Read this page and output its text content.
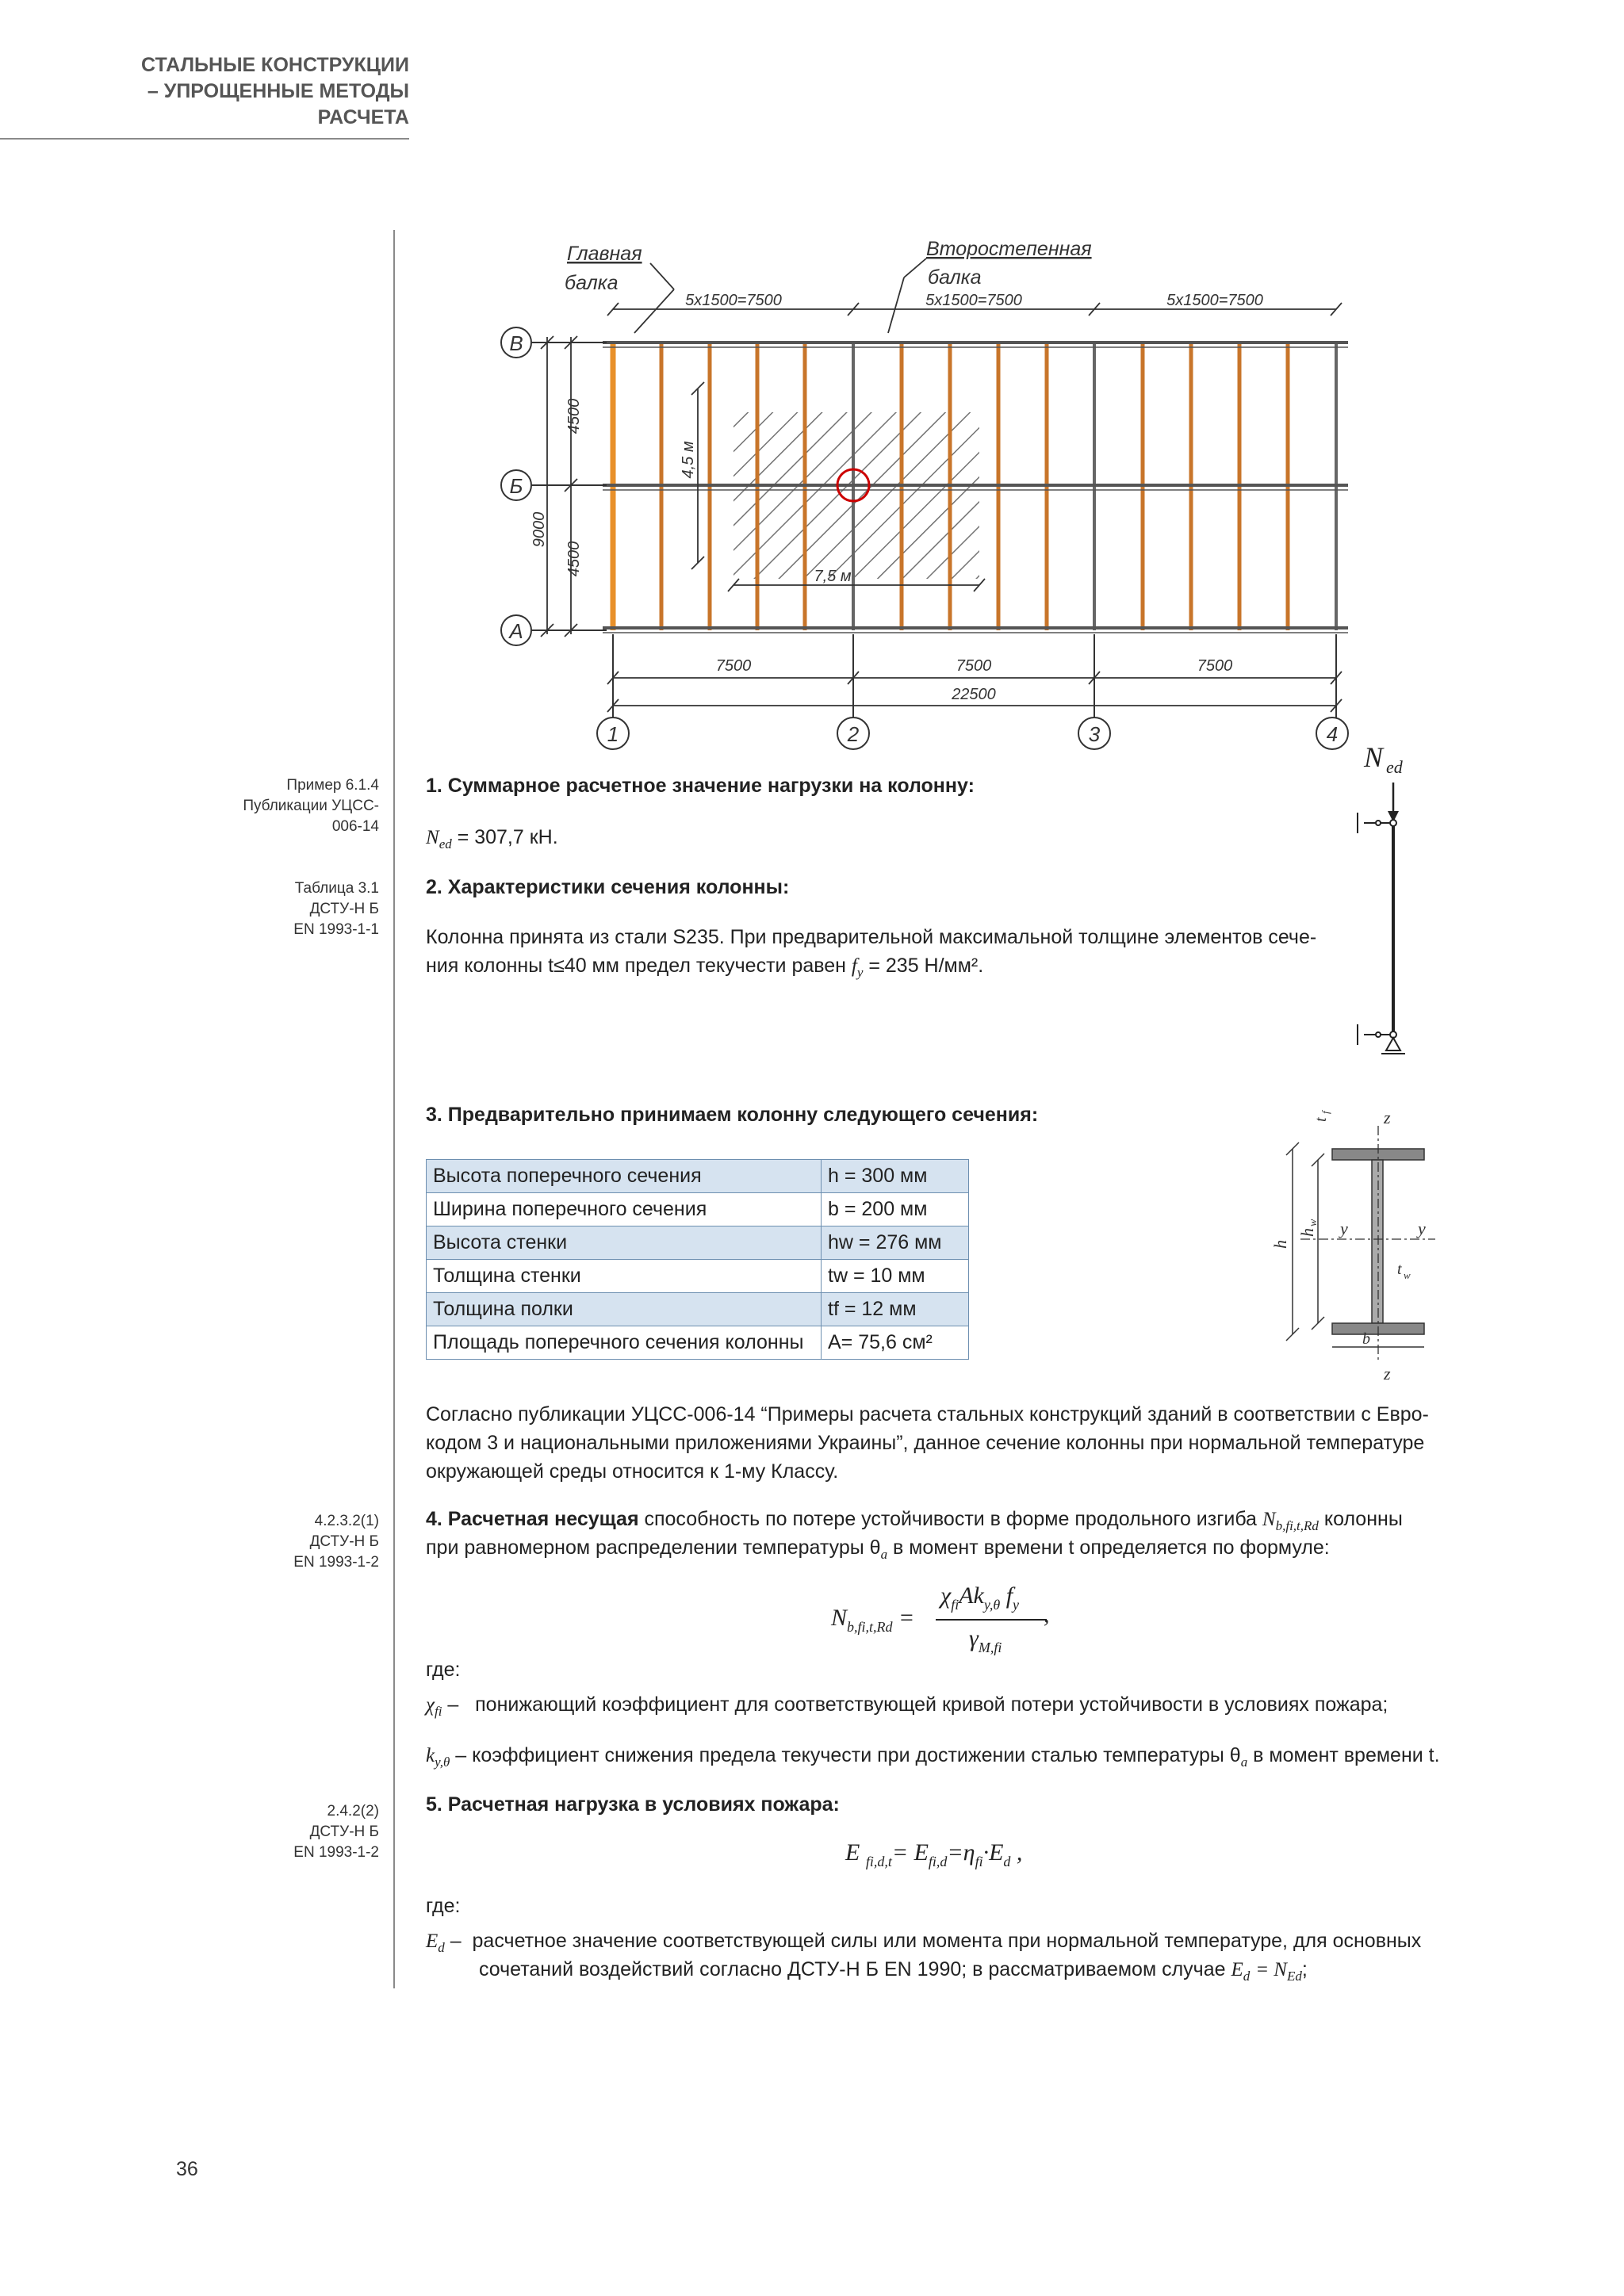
СТАЛЬНЫЕ КОНСТРУКЦИИ
– УПРОЩЕННЫЕ МЕТОДЫ
РАСЧЕТА
В
Б
А
1	2	3	4
4500
4500
9000
4,5 м
7,5 м
5x1500=7500	5x1500=7500	5x1500=7500
7500	7500	7500
22500
Главная
балка
Второстепенная
балка
N ed
z
z
y	y
h
h
w
t
f
t w
b
Пример 6.1.4
Публикации УЦСС-
006-14
Таблица 3.1
ДСТУ-Н Б
EN 1993-1-1
4.2.3.2(1)
ДСТУ-Н Б
EN 1993-1-2
2.4.2(2)
ДСТУ-Н Б
EN 1993-1-2
1. Суммарное расчетное значение нагрузки на колонну:
$N_{ed} = 307,7$ кН.
2. Характеристики сечения колонны:
Колонна принята из стали S235. При предварительной максимальной толщине элементов сече-
ния колонны t≤40 мм предел текучести равен $f_y = 235$ Н/мм².
3. Предварительно принимаем колонну следующего сечения:
Высота поперечного сечения	h = 300 мм
Ширина поперечного сечения	b = 200 мм
Высота стенки	hw = 276 мм
Толщина стенки	tw = 10 мм
Толщина полки	tf = 12 мм
Площадь поперечного сечения колонны	A= 75,6 см²
Согласно публикации УЦСС-006-14 “Примеры расчета стальных конструкций зданий в соответствии с Евро-
кодом 3 и национальными приложениями Украины”, данное сечение колонны при нормальной температуре
окружающей среды относится к 1-му Классу.
4. Расчетная несущая способность по потере устойчивости в форме продольного изгиба $N_{b,fi,t,Rd}$ колонны
при равномерном распределении температуры $\theta_a$ в момент времени t определяется по формуле:
$N_{b,fi,t,Rd}$ =
$\chi_{fi}Ak_{y,\theta}$ $f_y$ ,
$\gamma_{M,fi}$
где:
$\chi_{fi}$ –   понижающий коэффициент для соответствующей кривой потери устойчивости в условиях пожара;
$k_{y,\theta}$ – коэффициент снижения предела текучести при достижении сталью температуры $\theta_a$ в момент времени t.
5. Расчетная нагрузка в условиях пожара:
E $_{fi,d,t}= E_{fi,d}=\eta_{fi}\cdot E_d$ ,
где:
$E_d$ –  расчетное значение соответствующей силы или момента при нормальной температуре, для основных
сочетаний воздействий согласно ДСТУ-Н Б EN 1990; в рассматриваемом случае $E_d = N_{Ed}$;
36
